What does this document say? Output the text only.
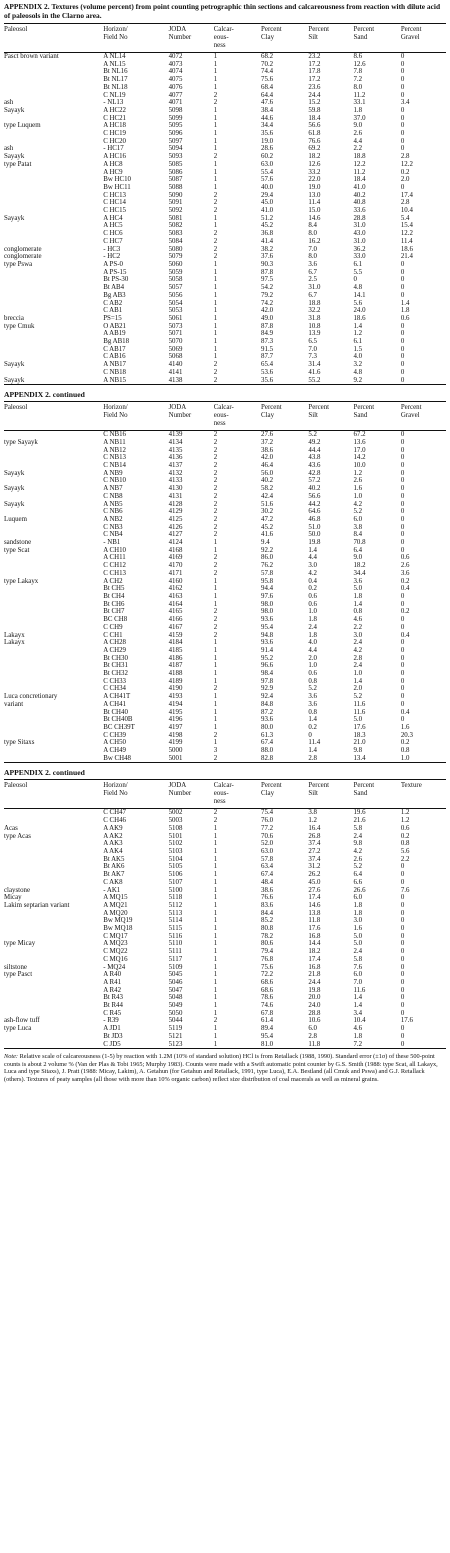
APPENDIX 2. Textures (volume percent) from point counting petrographic thin sections and calcareousness from reaction with dilute acid of paleosols in the Clarno area.
Paleosol	Horizon/
Field No	JODA
Number	Calcar-
eous-
ness	Percent
Clay	Percent
Silt	Percent
Sand	Percent
Gravel
Pasct brown variant	A NL14	4072	1	68.2	23.2	8.6	0
	A NL15	4073	1	70.2	17.2	12.6	0
	Bt NL16	4074	1	74.4	17.8	7.8	0
	Bt NL17	4075	1	75.6	17.2	7.2	0
	Bt NL18	4076	1	68.4	23.6	8.0	0
	C NL19	4077	2	64.4	24.4	11.2	0
ash	- NL13	4071	2	47.6	15.2	33.1	3.4
Sayayk	A HC22	5098	1	38.4	59.8	1.8	0
	C HC21	5099	1	44.6	18.4	37.0	0
type Luquem	A HC18	5095	1	34.4	56.6	9.0	0
	C HC19	5096	1	35.6	61.8	2.6	0
	C HC20	5097	1	19.0	76.6	4.4	0
ash	- HC17	5094	1	28.6	69.2	2.2	0
Sayayk	A HC16	5093	2	60.2	18.2	18.8	2.8
type Patat	A HC8	5085	1	63.0	12.6	12.2	12.2
	A HC9	5086	1	55.4	33.2	11.2	0.2
	Bw HC10	5087	1	57.6	22.0	18.4	2.0
	Bw HC11	5088	1	40.0	19.0	41.0	0
	C HC13	5090	2	29.4	13.0	40.2	17.4
	C HC14	5091	2	45.0	11.4	40.8	2.8
	C HC15	5092	2	41.0	15.0	33.6	10.4
Sayayk	A HC4	5081	1	51.2	14.6	28.8	5.4
	A HC5	5082	1	45.2	8.4	31.0	15.4
	C HC6	5083	2	36.8	8.0	43.0	12.2
	C HC7	5084	2	41.4	16.2	31.0	11.4
conglomerate	- HC3	5080	2	38.2	7.0	36.2	18.6
conglomerate	- HC2	5079	2	37.6	8.0	33.0	21.4
type Pswa	A PS-0	5060	1	90.3	3.6	6.1	0
	A PS-15	5059	1	87.8	6.7	5.5	0
	Bt PS-30	5058	1	97.5	2.5	0	0
	Bt AB4	5057	1	54.2	31.0	4.8	0
	Bg AB3	5056	1	79.2	6.7	14.1	0
	C AB2	5054	1	74.2	18.8	5.6	1.4
	C AB1	5053	1	42.0	32.2	24.0	1.8
breccia	PS=15	5061	1	49.0	31.8	18.6	0.6
type Cmuk	O AB21	5073	1	87.8	10.8	1.4	0
	A AB19	5071	1	84.9	13.9	1.2	0
	Bg AB18	5070	1	87.3	6.5	6.1	0
	C AB17	5069	1	91.5	7.0	1.5	0
	C AB16	5068	1	87.7	7.3	4.0	0
Sayayk	A NB17	4140	2	65.4	31.4	3.2	0
	C NB18	4141	2	53.6	41.6	4.8	0
Sayayk	A NB15	4138	2	35.6	55.2	9.2	0
APPENDIX 2. continued
Paleosol	Horizon/
Field No	JODA
Number	Calcar-
eous-
ness	Percent
Clay	Percent
Silt	Percent
Sand	Percent
Gravel
	C NB16	4139	2	27.6	5.2	67.2	0
type Sayayk	A NB11	4134	2	37.2	49.2	13.6	0
	A NB12	4135	2	38.6	44.4	17.0	0
	C NB13	4136	2	42.0	43.8	14.2	0
	C NB14	4137	2	46.4	43.6	10.0	0
Sayayk	A NB9	4132	2	56.0	42.8	1.2	0
	C NB10	4133	2	40.2	57.2	2.6	0
Sayayk	A NB7	4130	2	58.2	40.2	1.6	0
	C NB8	4131	2	42.4	56.6	1.0	0
Sayayk	A NB5	4128	2	51.6	44.2	4.2	0
	C NB6	4129	2	30.2	64.6	5.2	0
Luquem	A NB2	4125	2	47.2	46.8	6.0	0
	C NB3	4126	2	45.2	51.0	3.8	0
	C NB4	4127	2	41.6	50.0	8.4	0
sandstone	- NB1	4124	1	9.4	19.8	70.8	0
type Scat	A CH10	4168	1	92.2	1.4	6.4	0
	A CH11	4169	2	86.0	4.4	9.0	0.6
	C CH12	4170	2	76.2	3.0	18.2	2.6
	C CH13	4171	2	57.8	4.2	34.4	3.6
type Lakayx	A CH2	4160	1	95.8	0.4	3.6	0.2
	Bt CH5	4162	1	94.4	0.2	5.0	0.4
	Bt CH4	4163	1	97.6	0.6	1.8	0
	Bt CH6	4164	1	98.0	0.6	1.4	0
	Bt CH7	4165	2	98.0	1.0	0.8	0.2
	BC CH8	4166	2	93.6	1.8	4.6	0
	C CH9	4167	2	95.4	2.4	2.2	0
Lakayx	C CH1	4159	2	94.8	1.8	3.0	0.4
Lakayx	A CH28	4184	1	93.6	4.0	2.4	0
	A CH29	4185	1	91.4	4.4	4.2	0
	Bt CH30	4186	1	95.2	2.0	2.8	0
	Bt CH31	4187	1	96.6	1.0	2.4	0
	Bt CH32	4188	1	98.4	0.6	1.0	0
	C CH33	4189	1	97.8	0.8	1.4	0
	C CH34	4190	2	92.9	5.2	2.0	0
Luca concretionary	A CH41T	4193	1	92.4	3.6	5.2	0
variant	A CH41	4194	1	84.8	3.6	11.6	0
	Bt CH40	4195	1	87.2	0.8	11.6	0.4
	Bt CH40B	4196	1	93.6	1.4	5.0	0
	BC CH39T	4197	1	80.0	0.2	17.6	1.6
	C CH39	4198	2	61.3	0	18.3	20.3
type Sitaxs	A CH50	4199	1	67.4	11.4	21.0	0.2
	A CH49	5000	3	88.0	1.4	9.8	0.8
	Bw CH48	5001	2	82.8	2.8	13.4	1.0
APPENDIX 2. continued
Paleosol	Horizon/
Field No	JODA
Number	Calcar-
eous-
ness	Percent
Clay	Percent
Silt	Percent
Sand	Texture
	C CH47	5002	2	75.4	3.8	19.6	1.2
	C CH46	5003	2	76.0	1.2	21.6	1.2
Acas	A AK9	5108	1	77.2	16.4	5.8	0.6
type Acas	A AK2	5101	1	70.6	26.8	2.4	0.2
	A AK3	5102	1	52.0	37.4	9.8	0.8
	A AK4	5103	1	63.0	27.2	4.2	5.6
	Bt AK5	5104	1	57.8	37.4	2.6	2.2
	Bt AK6	5105	1	63.4	31.2	5.2	0
	Bt AK7	5106	1	67.4	26.2	6.4	0
	C AK8	5107	1	48.4	45.0	6.6	0
claystone	- AK1	5100	1	38.6	27.6	26.6	7.6
Micay	A MQ15	5118	1	76.6	17.4	6.0	0
Lakim septarian variant	A MQ21	5112	1	83.6	14.6	1.8	0
	A MQ20	5113	1	84.4	13.8	1.8	0
	Bw MQ19	5114	1	85.2	11.8	3.0	0
	Bw MQ18	5115	1	80.8	17.6	1.6	0
	C MQ17	5116	1	78.2	16.8	5.0	0
type Micay	A MQ23	5110	1	80.6	14.4	5.0	0
	C MQ22	5111	1	79.4	18.2	2.4	0
	C MQ16	5117	1	76.8	17.4	5.8	0
siltstone	- MQ24	5109	1	75.6	16.8	7.6	0
type Pasct	A R40	5045	1	72.2	21.8	6.0	0
	A R41	5046	1	68.6	24.4	7.0	0
	A R42	5047	1	68.6	19.8	11.6	0
	Bt R43	5048	1	78.6	20.0	1.4	0
	Bt R44	5049	1	74.6	24.0	1.4	0
	C R45	5050	1	67.8	28.8	3.4	0
ash-flow tuff	- R39	5044	2	61.4	10.6	10.4	17.6
type Luca	A JD1	5119	1	89.4	6.0	4.6	0
	Bt JD3	5121	1	95.4	2.8	1.8	0
	C JD5	5123	1	81.0	11.8	7.2	0
Note: Relative scale of calcareousness (1-5) by reaction with 1.2M (10% of standard solution) HCl is from Retallack (1988, 1990). Standard error (±1σ) of these 500-point counts is about 2 volume % (Van der Plas & Tobi 1965; Murphy 1983). Counts were made with a Swift automatic point counter by G.S. Smith (1988: type Scat, all Lakayx, Luca and type Sitaxs), J. Pratt (1988: Micay, Lakim), A. Getahun (for Getahun and Retallack, 1991, type Luca), E.A. Bestland (all Cmuk and Pswa) and G.J. Retallack (others). Textures of peaty samples (all those with more than 10% organic carbon) reflect size distribution of coal macerals as well as mineral grains.
